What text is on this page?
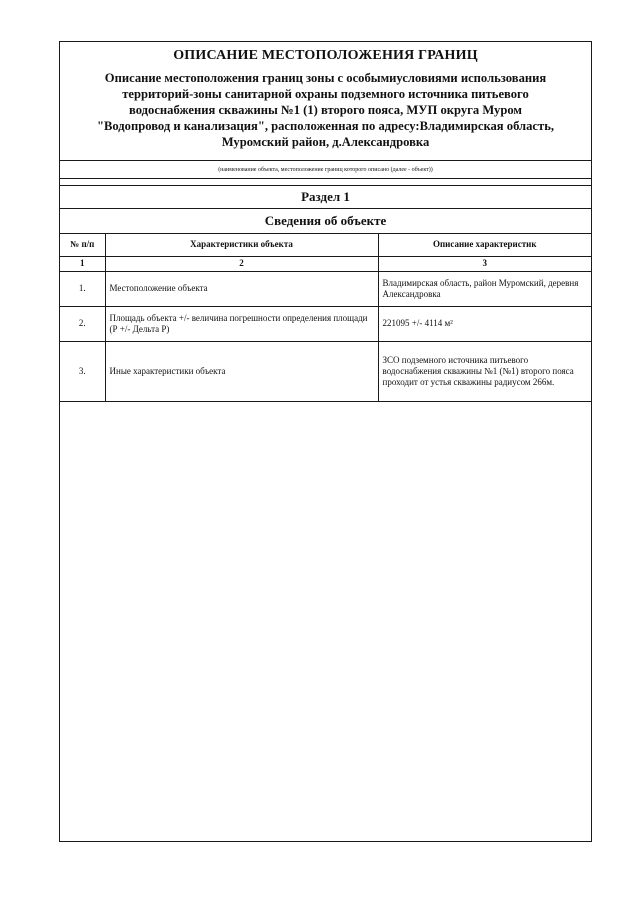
ОПИСАНИЕ МЕСТОПОЛОЖЕНИЯ ГРАНИЦ
Описание местоположения границ зоны с особымиусловиями использования
территорий-зоны санитарной охраны подземного источника питьевого
водоснабжения скважины №1 (1) второго пояса, МУП округа Муром
"Водопровод и канализация", расположенная по адресу:Владимирская область,
Муромский район, д.Александровка
(наименование объекта, местоположение границ которого описано (далее - объект))
Раздел 1
Сведения об объекте
№ п/п	Характеристики объекта	Описание характеристик
1	2	3
1.	Местоположение объекта	Владимирская область, район Муромский, деревня Александровка
2.	Площадь объекта +/- величина погрешности определения площади (Р +/- Дельта Р)	221095 +/- 4114 м²
3.	Иные характеристики объекта	ЗСО подземного источника питьевого водоснабжения скважины №1 (№1) второго пояса проходит от устья скважины радиусом 266м.
